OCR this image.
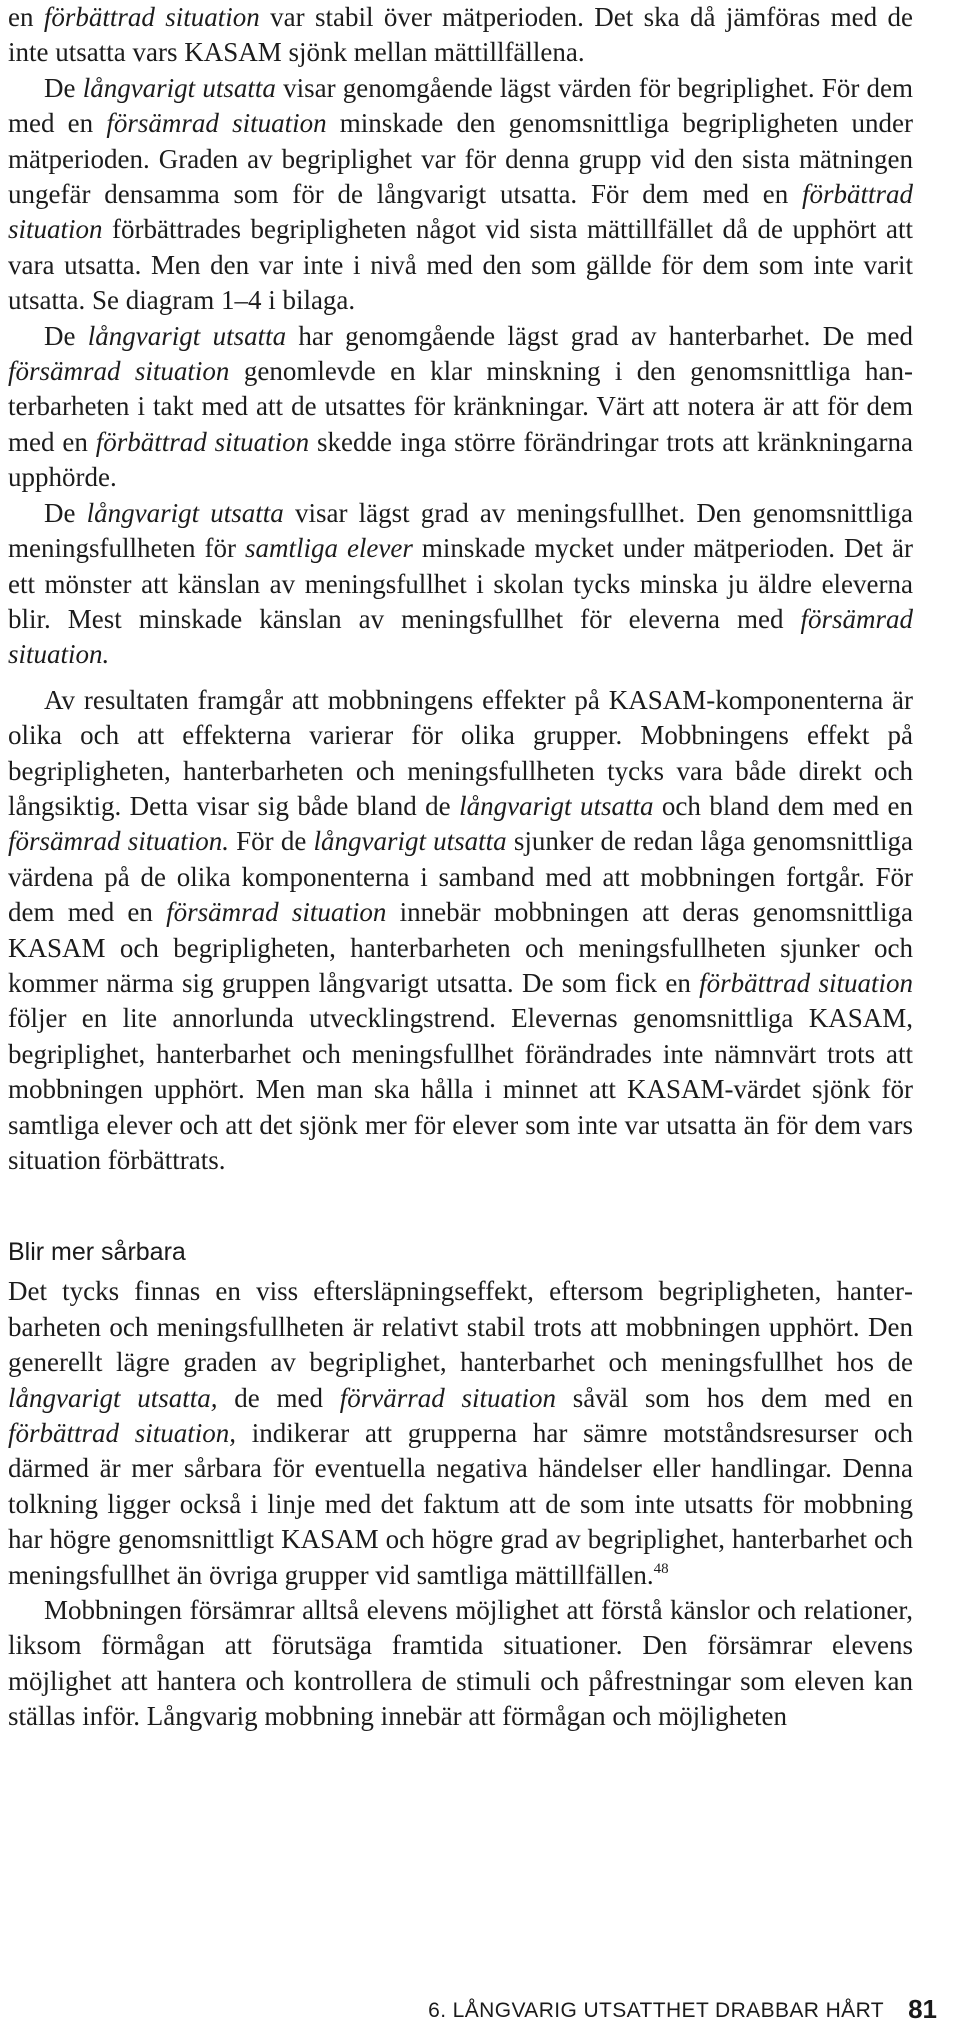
en förbättrad situation var stabil över mätperioden. Det ska då jämföras med de inte utsatta vars KASAM sjönk mellan mättillfällena.

De långvarigt utsatta visar genomgående lägst värden för begriplighet. För dem med en försämrad situation minskade den genomsnittliga begripligheten under mätperioden. Graden av begriplighet var för denna grupp vid den sista mätningen ungefär densamma som för de långvarigt utsatta. För dem med en förbättrad situation förbättrades begripligheten något vid sista mättillfället då de upphört att vara utsatta. Men den var inte i nivå med den som gällde för dem som inte varit utsatta. Se diagram 1–4 i bilaga.

De långvarigt utsatta har genomgående lägst grad av hanterbarhet. De med försämrad situation genomlevde en klar minskning i den genomsnittliga hanterbarheten i takt med att de utsattes för kränkningar. Värt att notera är att för dem med en förbättrad situation skedde inga större förändringar trots att kränkningarna upphörde.

De långvarigt utsatta visar lägst grad av meningsfullhet. Den genomsnittliga meningsfullheten för samtliga elever minskade mycket under mätperioden. Det är ett mönster att känslan av meningsfullhet i skolan tycks minska ju äldre eleverna blir. Mest minskade känslan av meningsfullhet för eleverna med försämrad situation.

Av resultaten framgår att mobbningens effekter på KASAM-komponenterna är olika och att effekterna varierar för olika grupper. Mobbningens effekt på begripligheten, hanterbarheten och meningsfullheten tycks vara både direkt och långsiktig. Detta visar sig både bland de långvarigt utsatta och bland dem med en försämrad situation. För de långvarigt utsatta sjunker de redan låga genomsnittliga värdena på de olika komponenterna i samband med att mobbningen fortgår. För dem med en försämrad situation innebär mobbningen att deras genomsnittliga KASAM och begripligheten, hanterbarheten och meningsfullheten sjunker och kommer närma sig gruppen långvarigt utsatta. De som fick en förbättrad situation följer en lite annorlunda utvecklingstrend. Elevernas genomsnittliga KASAM, begriplighet, hanterbarhet och meningsfullhet förändrades inte nämnvärt trots att mobbningen upphört. Men man ska hålla i minnet att KASAM-värdet sjönk för samtliga elever och att det sjönk mer för elever som inte var utsatta än för dem vars situation förbättrats.

Blir mer sårbara

Det tycks finnas en viss eftersläpningseffekt, eftersom begripligheten, hanterbarheten och meningsfullheten är relativt stabil trots att mobbningen upphört. Den generellt lägre graden av begriplighet, hanterbarhet och meningsfullhet hos de långvarigt utsatta, de med förvärrad situation såväl som hos dem med en förbättrad situation, indikerar att grupperna har sämre motståndsresurser och därmed är mer sårbara för eventuella negativa händelser eller handlingar. Denna tolkning ligger också i linje med det faktum att de som inte utsatts för mobbning har högre genomsnittligt KASAM och högre grad av begriplighet, hanterbarhet och meningsfullhet än övriga grupper vid samtliga mättillfällen.$^{48}$

Mobbningen försämrar alltså elevens möjlighet att förstå känslor och relationer, liksom förmågan att förutsäga framtida situationer. Den försämrar elevens möjlighet att hantera och kontrollera de stimuli och påfrestningar som eleven kan ställas inför. Långvarig mobbning innebär att förmågan och möjligheten

6. LÅNGVARIG UTSATTHET DRABBAR HÅRT 81
